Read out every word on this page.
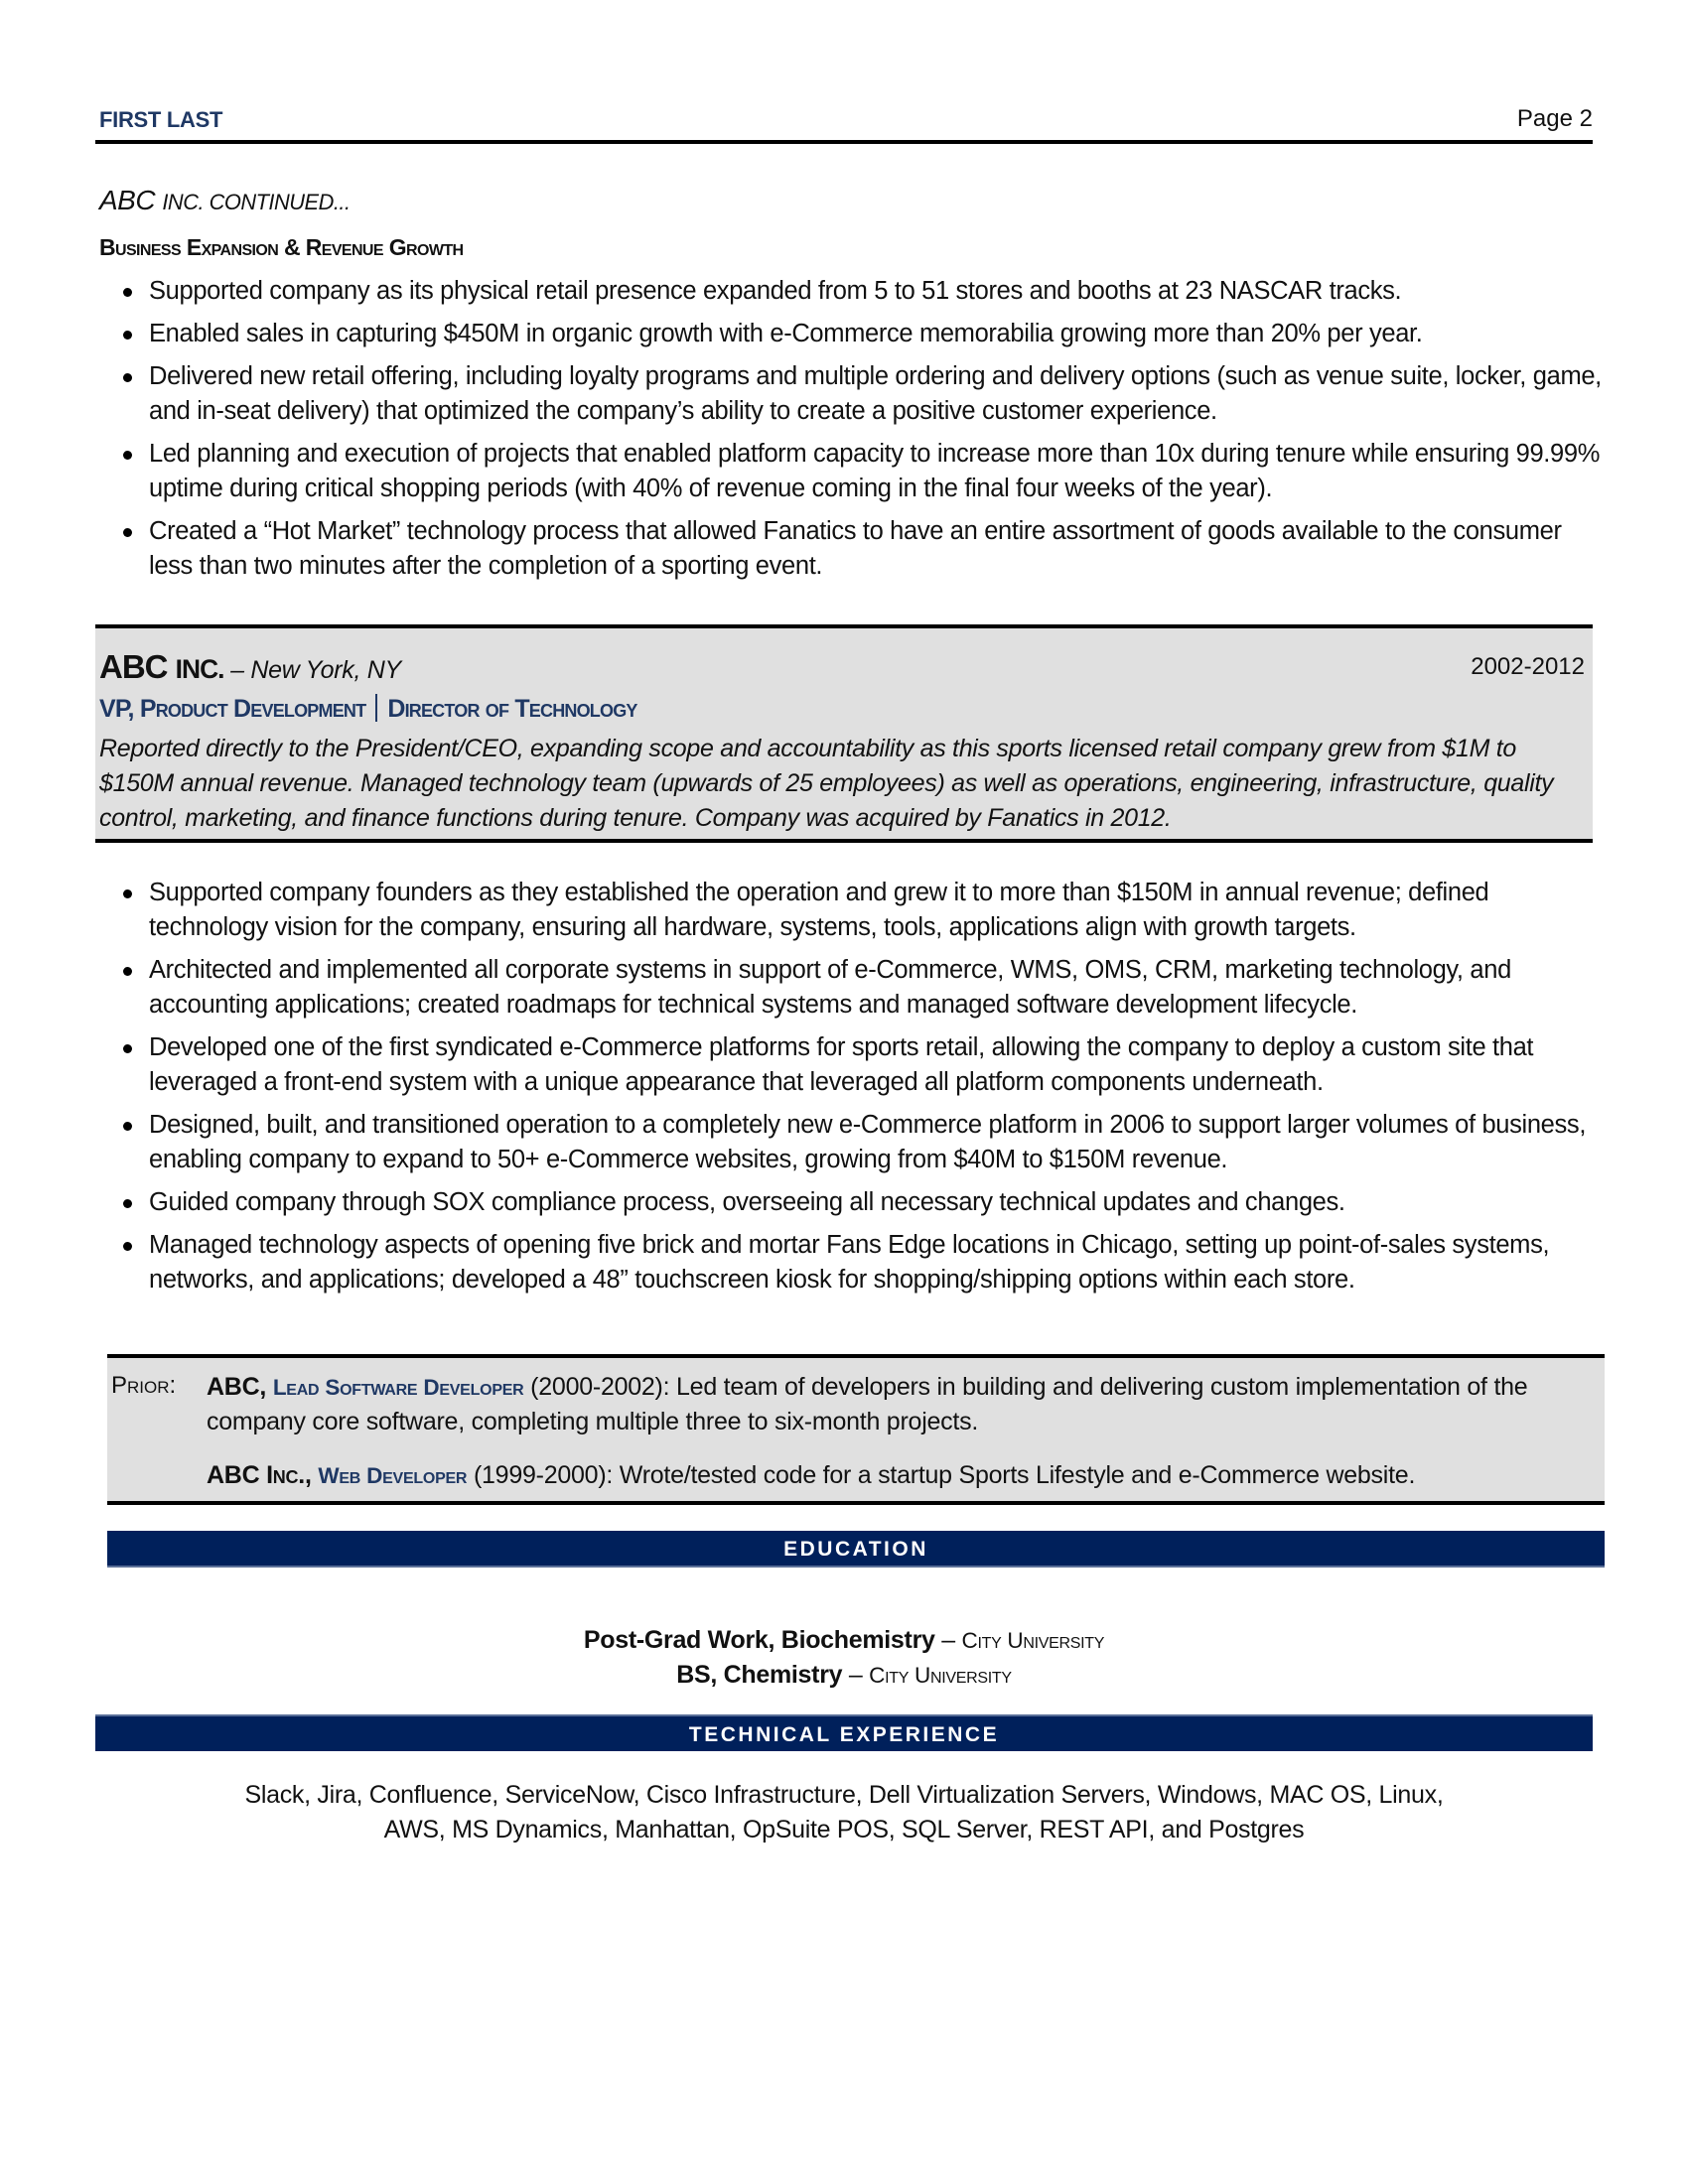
FIRST LAST	Page 2
ABC INC. CONTINUED...
Business Expansion & Revenue Growth
Supported company as its physical retail presence expanded from 5 to 51 stores and booths at 23 NASCAR tracks.
Enabled sales in capturing $450M in organic growth with e-Commerce memorabilia growing more than 20% per year.
Delivered new retail offering, including loyalty programs and multiple ordering and delivery options (such as venue suite, locker, game, and in-seat delivery) that optimized the company’s ability to create a positive customer experience.
Led planning and execution of projects that enabled platform capacity to increase more than 10x during tenure while ensuring 99.99% uptime during critical shopping periods (with 40% of revenue coming in the final four weeks of the year).
Created a “Hot Market” technology process that allowed Fanatics to have an entire assortment of goods available to the consumer less than two minutes after the completion of a sporting event.
ABC INC. – New York, NY	2002-2012
VP, Product Development Director of Technology
Reported directly to the President/CEO, expanding scope and accountability as this sports licensed retail company grew from $1M to $150M annual revenue. Managed technology team (upwards of 25 employees) as well as operations, engineering, infrastructure, quality control, marketing, and finance functions during tenure. Company was acquired by Fanatics in 2012.
Supported company founders as they established the operation and grew it to more than $150M in annual revenue; defined technology vision for the company, ensuring all hardware, systems, tools, applications align with growth targets.
Architected and implemented all corporate systems in support of e-Commerce, WMS, OMS, CRM, marketing technology, and accounting applications; created roadmaps for technical systems and managed software development lifecycle.
Developed one of the first syndicated e-Commerce platforms for sports retail, allowing the company to deploy a custom site that leveraged a front-end system with a unique appearance that leveraged all platform components underneath.
Designed, built, and transitioned operation to a completely new e-Commerce platform in 2006 to support larger volumes of business, enabling company to expand to 50+ e-Commerce websites, growing from $40M to $150M revenue.
Guided company through SOX compliance process, overseeing all necessary technical updates and changes.
Managed technology aspects of opening five brick and mortar Fans Edge locations in Chicago, setting up point-of-sales systems, networks, and applications; developed a 48” touchscreen kiosk for shopping/shipping options within each store.
Prior: ABC, Lead Software Developer (2000-2002): Led team of developers in building and delivering custom implementation of the company core software, completing multiple three to six-month projects.
ABC Inc., Web Developer (1999-2000): Wrote/tested code for a startup Sports Lifestyle and e-Commerce website.
EDUCATION
Post-Grad Work, Biochemistry – City University
BS, Chemistry – City University
TECHNICAL EXPERIENCE
Slack, Jira, Confluence, ServiceNow, Cisco Infrastructure, Dell Virtualization Servers, Windows, MAC OS, Linux,
AWS, MS Dynamics, Manhattan, OpSuite POS, SQL Server, REST API, and Postgres
